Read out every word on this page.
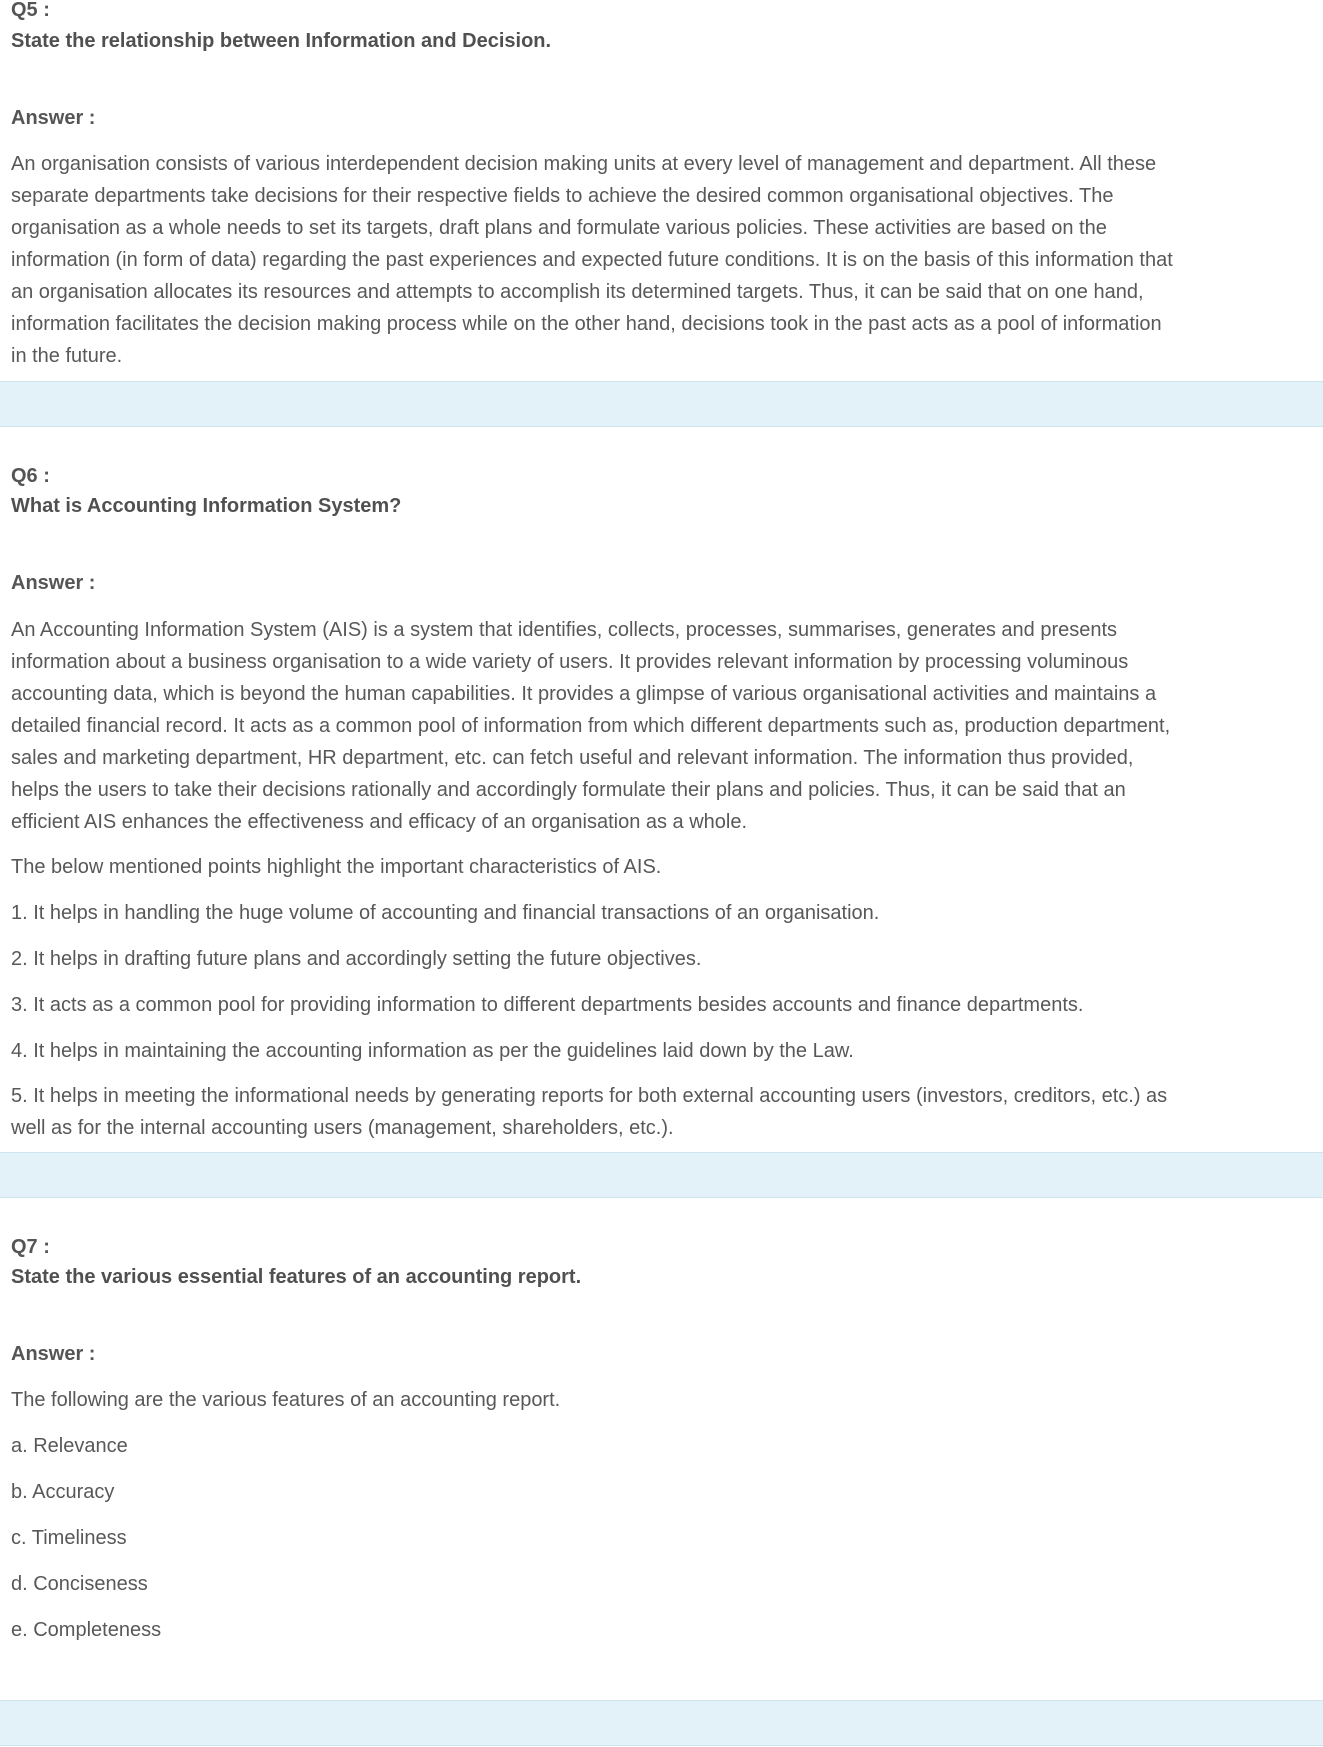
Q5 :
State the relationship between Information and Decision.
Answer :
An organisation consists of various interdependent decision making units at every level of management and department. All these
separate departments take decisions for their respective fields to achieve the desired common organisational objectives. The
organisation as a whole needs to set its targets, draft plans and formulate various policies. These activities are based on the
information (in form of data) regarding the past experiences and expected future conditions. It is on the basis of this information that
an organisation allocates its resources and attempts to accomplish its determined targets. Thus, it can be said that on one hand,
information facilitates the decision making process while on the other hand, decisions took in the past acts as a pool of information
in the future.
Q6 :
What is Accounting Information System?
Answer :
An Accounting Information System (AIS) is a system that identifies, collects, processes, summarises, generates and presents
information about a business organisation to a wide variety of users. It provides relevant information by processing voluminous
accounting data, which is beyond the human capabilities. It provides a glimpse of various organisational activities and maintains a
detailed financial record. It acts as a common pool of information from which different departments such as, production department,
sales and marketing department, HR department, etc. can fetch useful and relevant information. The information thus provided,
helps the users to take their decisions rationally and accordingly formulate their plans and policies. Thus, it can be said that an
efficient AIS enhances the effectiveness and efficacy of an organisation as a whole.
The below mentioned points highlight the important characteristics of AIS.
1. It helps in handling the huge volume of accounting and financial transactions of an organisation.
2. It helps in drafting future plans and accordingly setting the future objectives.
3. It acts as a common pool for providing information to different departments besides accounts and finance departments.
4. It helps in maintaining the accounting information as per the guidelines laid down by the Law.
5. It helps in meeting the informational needs by generating reports for both external accounting users (investors, creditors, etc.) as
well as for the internal accounting users (management, shareholders, etc.).
Q7 :
State the various essential features of an accounting report.
Answer :
The following are the various features of an accounting report.
a. Relevance
b. Accuracy
c. Timeliness
d. Conciseness
e. Completeness
